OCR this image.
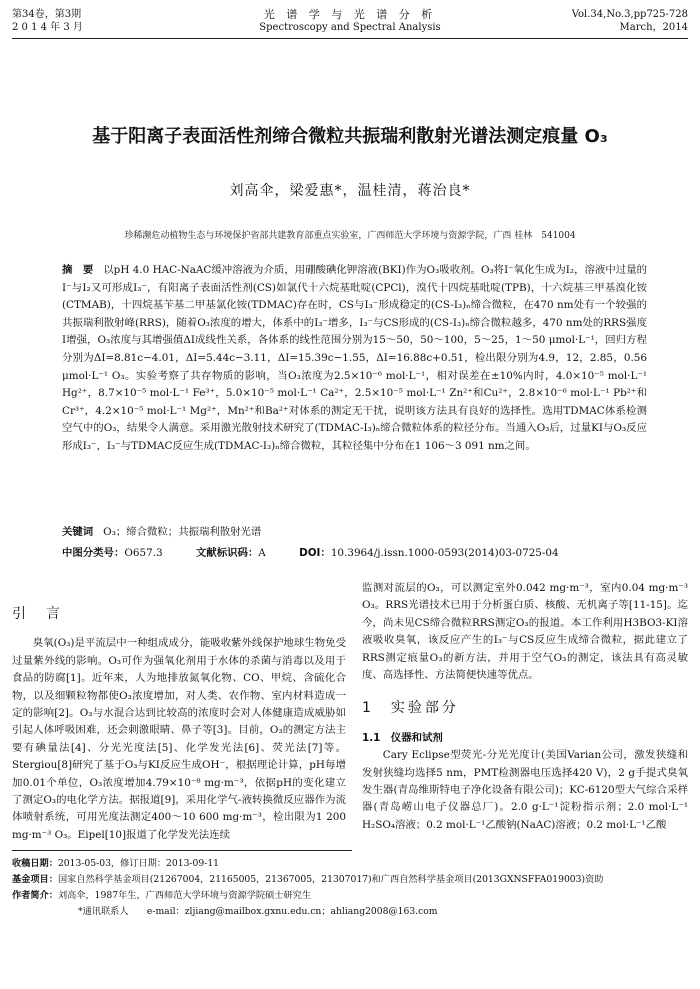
第34卷，第3期
2 0 1 4 年 3 月
光 谱 学 与 光 谱 分 析
Spectroscopy and Spectral Analysis
Vol.34,No.3,pp725-728
March，2014
基于阳离子表面活性剂缔合微粒共振瑞利散射光谱法测定痕量 O₃
刘高伞，梁爱惠*，温桂清，蒋治良*
珍稀濒危动植物生态与环境保护省部共建教育部重点实验室，广西师范大学环境与资源学院，广西 桂林　541004
摘　要 以pH 4.0 HAC-NaAC缓冲溶液为介质，用硼酸碘化钾溶液(BKI)作为O₃吸收剂。O₃将I⁻氧化生成为I₂，溶液中过量的I⁻与I₂又可形成I₃⁻，有阳离子表面活性剂(CS)如氯代十六烷基吡啶(CPCl)，溴代十四烷基吡啶(TPB)，十六烷基三甲基溴化铵(CTMAB)，十四烷基苄基二甲基氯化铵(TDMAC)存在时，CS与I₃⁻形成稳定的(CS-I₃)ₙ缔合微粒，在470 nm处有一个较强的共振瑞利散射峰(RRS)，随着O₃浓度的增大，体系中的I₃⁻增多，I₃⁻与CS形成的(CS-I₃)ₙ缔合微粒越多，470 nm处的RRS强度I增强，O₃浓度与其增强值ΔI成线性关系，各体系的线性范围分别为15～50，50～100，5～25，1～50 μmol·L⁻¹，回归方程分别为ΔI=8.81c−4.01，ΔI=5.44c−3.11，ΔI=15.39c−1.55，ΔI=16.88c+0.51，检出限分别为4.9，12，2.85，0.56 μmol·L⁻¹ O₃。实验考察了共存物质的影响，当O₃浓度为2.5×10⁻⁶ mol·L⁻¹，相对误差在±10%内时，4.0×10⁻⁵ mol·L⁻¹ Hg²⁺，8.7×10⁻⁵ mol·L⁻¹ Fe³⁺，5.0×10⁻⁵ mol·L⁻¹ Ca²⁺，2.5×10⁻⁵ mol·L⁻¹ Zn²⁺和Cu²⁺，2.8×10⁻⁶ mol·L⁻¹ Pb²⁺和Cr³⁺，4.2×10⁻⁵ mol·L⁻¹ Mg²⁺，Mn²⁺和Ba²⁺对体系的测定无干扰，说明该方法具有良好的选择性。选用TDMAC体系检测空气中的O₃，结果令人满意。采用激光散射技术研究了(TDMAC-I₃)ₙ缔合微粒体系的粒径分布。当通入O₃后，过量KI与O₃反应形成I₃⁻，I₃⁻与TDMAC反应生成(TDMAC-I₃)ₙ缔合微粒，其粒径集中分布在1 106～3 091 nm之间。
关键词 O₃；缔合微粒；共振瑞利散射光谱
中图分类号：O657.3	文献标识码：A	DOI：10.3964/j.issn.1000-0593(2014)03-0725-04
引　言

臭氧(O₃)是平流层中一种组成成分，能吸收紫外线保护地球生物免受过量紫外线的影响。O₃可作为强氧化剂用于水体的杀菌与消毒以及用于食品的防腐[1]。近年来，人为地排放氮氧化物、CO、甲烷、含硫化合物，以及细颗粒物都使O₃浓度增加，对人类、农作物、室内材料造成一定的影响[2]。O₃与水混合达到比较高的浓度时会对人体健康造成威胁如引起人体呼吸困难，还会刺激眼睛、鼻子等[3]。目前，O₃的测定方法主要有碘量法[4]、分光光度法[5]、化学发光法[6]、荧光法[7]等。Stergiou[8]研究了基于O₃与KI反应生成OH⁻，根据理论计算，pH每增加0.01个单位，O₃浓度增加4.79×10⁻⁸ mg·m⁻³，依据pH的变化建立了测定O₃的电化学方法。据报道[9]，采用化学气-液转换微反应器作为流体喷射系统，可用光度法测定400～10 600 mg·m⁻³，检出限为1 200 mg·m⁻³ O₃。Eipel[10]报道了化学发光法连续

监测对流层的O₃，可以测定室外0.042 mg·m⁻³，室内0.04 mg·m⁻³ O₃。RRS光谱技术已用于分析蛋白质、核酸、无机离子等[11-15]。迄今，尚未见CS缔合微粒RRS测定O₃的报道。本工作利用H3BO3-KI溶液吸收臭氧，该反应产生的I₃⁻与CS反应生成缔合微粒，据此建立了RRS测定痕量O₃的新方法，并用于空气O₃的测定，该法具有高灵敏度、高选择性、方法简便快速等优点。

1　实验部分
1.1　仪器和试剂

Cary Eclipse型荧光-分光光度计(美国Varian公司，激发狭缝和发射狭缝均选择5 nm，PMT检测器电压选择420 V)，2 g手提式臭氧发生器(青岛维斯特电子净化设备有限公司)；KC-6120型大气综合采样器(青岛崂山电子仪器总厂)。2.0 g·L⁻¹淀粉指示剂；2.0 mol·L⁻¹ H₂SO₄溶液；0.2 mol·L⁻¹乙酸钠(NaAC)溶液；0.2 mol·L⁻¹乙酸

收稿日期：2013-05-03，修订日期：2013-09-11
基金项目：国家自然科学基金项目(21267004，21165005，21367005，21307017)和广西自然科学基金项目(2013GXNSFFA019003)资助
作者简介：刘高伞，1987年生，广西师范大学环境与资源学院硕士研究生
*通讯联系人　　 e-mail：zljiang@mailbox.gxnu.edu.cn；ahliang2008@163.com
